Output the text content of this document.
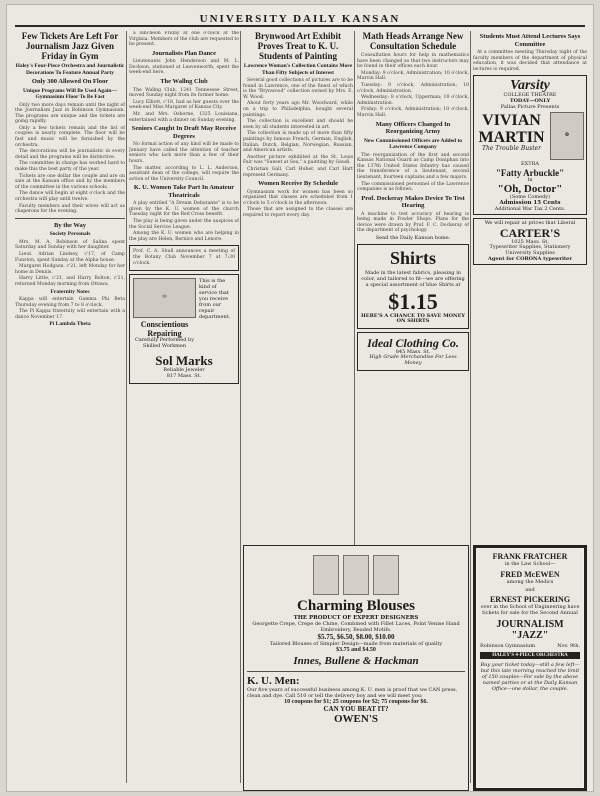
UNIVERSITY DAILY KANSAN
Few Tickets Are Left For Journalism Jazz Given Friday in Gym
Haley's Four-Piece Orchestra and Journalistic Decorations To Feature Annual Party
Only 300 Allowed On Floor
Unique Programs Will Be Used Again—Gymnasium Floor To Be Fast

Only two more days remain until the night of the Journalism Jazz in Robinson Gymnasium. The programs are unique and the tickets are going rapidly.

Only a few tickets remain and the list of couples is nearly complete. The floor will be fast and music will be furnished by the orchestra.

The decorations will be journalistic in every detail and the programs will be distinctive.

The committee in charge has worked hard to make this the best party of the year.

Tickets are one dollar the couple and are on sale at the Kansan office and by the members of the committee in the various schools.

The dance will begin at eight o'clock and the orchestra will play until twelve.

Faculty members and their wives will act as chaperons for the evening.

By the Way
Society Personals

Mrs. M. A. Robinson of Salina spent Saturday and Sunday with her daughter.

Lieut. Adrian Lindsey, c'17, of Camp Funston, spent Sunday at the Alpha house.

Margaret Hodgson, c'21, left Monday for her home in Dennis.

Harry Little, c'21, and Harry Bolton, c'21, returned Monday morning from Ottawa.

Fraternity Notes

Kappa will entertain Gamma Phi Beta Thursday evening from 7 to 8 o'clock.

The Pi Kappa fraternity will entertain with a dance November 17.

Pi Lambda Theta

a luncheon Friday at one o'clock at the Virginia. Members of the club are requested to be present.

Journalists Plan Dance

Lieutenants John Henderson and M. L. Dockson, stationed at Leavenworth, spent the week-end here.

The Wallng Club

The Wallng Club, 1241 Tennessee Street, moved Sunday night from its former home.

Lucy Elliott, c'18, had as her guests over the week-end Miss Margaret of Kansas City.

Mr. and Mrs. Osborne, 1325 Louisiana, entertained with a dinner on Sunday evening.

Seniors Caught In Draft May Receive Degrees

No formal action of any kind will be made to January have called the attention of teacher seniors who lack more than a few of their hours.

The matter, according to L. L. Anderson, assistant dean of the college, will require the action of the University Council.

K. U. Women Take Part In Amateur Theatricals

A play entitled "A Dream Debutante" is to be given by the K. U. women of the church Tuesday night for the Red Cross benefit.

The play is being given under the auspices of the Social Service League.

Among the K. U. women who are helping in the play are Helen, Bernice and Lenore.

Prof. C. A. Shull announces a meeting of the Botany Club November 7 at 7:30 o'clock.

✉
Conscientious Repairing
Carefully Performed by Skilled Workmen
This is the kind of service that you receive from our repair department.
Sol Marks
Reliable Jeweler
817 Mass. St.
Brynwood Art Exhibit Proves Treat to K. U. Students of Painting
Lawrence Woman's Collection Contains More Than Fifty Subjects of Interest

Several good collections of pictures are to be found in Lawrence, one of the finest of which is the "Brynwood" collection owned by Mrs. E. W. Wood.

About forty years ago Mr. Woodward, while on a trip to Philadelphia, bought several paintings.

The collection is excellent and should be seen by all students interested in art.

The collection is made up of more than fifty paintings by famous French, German, English, Italian, Dutch, Belgian, Norwegian, Russian, and American artists.

Another picture exhibited at the St. Louis Fair was "Sunset at Sea," a painting by Gaudi.

Christian Gall, Carl Huber, and Carl Hart represent Germany.

Women Receive By Schedule

Gymnasium work for women has been so organized that classes are scheduled from 1 o'clock to 5 o'clock in the afternoon.

Those that are assigned to the classes are required to report every day.

Math Heads Arrange New Consultation Schedule

Consultation hours for help in mathematics have been changed so that two instructors may be found in their offices each hour.

Monday: 9 o'clock, Administration; 10 o'clock, Marvin Hall.

Tuesday: 9 o'clock, Administration; 10 o'clock, Administration.

Wednesday: 8 o'clock, Upperman; 10 o'clock, Administration.

Friday: 9 o'clock, Administration; 10 o'clock, Marvin Hall.

Many Officers Changed In Reorganizing Army
New Commissioned Officers are Added to Lawrence Company

The reorganization of the first and second Kansas National Guard as Camp Doniphan into the 137th United States Infantry has caused the transference of a lieutenant, second lieutenant, fourteen captains and a few majors.

The commissioned personnel of the Lawrence companies is as follows.

Prof. Dockeray Makes Device To Test Hearing

A machine to test accuracy of hearing is being made in Fowler Shops. Plans for the device were drawn by Prof. F. C. Dockeray of the department of psychology.

Send the Daily Kansan home.
Shirts
Made in the latest fabrics, pleasing in color, and tailored to fit—we are offering a special assortment of blue Shirts at
$1.15
HERE'S A CHANCE TO SAVE MONEY ON SHIRTS
Ideal Clothing Co.
845 Mass. St.
High Grade Merchandise For Less Money
Students Must Attend Lectures Says Committee

At a committee meeting Thursday night of the faculty members of the department of physical education, it was decided that attendance at lectures is required.

Varsity
COLLEGE THEATRE
TODAY—ONLY
Pallas Picture Presents
VIVIAN
MARTIN
The Trouble Buster
☻
EXTRA
"Fatty Arbuckle"
In
"Oh, Doctor"
(Some Comedy)
Admission 15 Cents
Additional War Tax 2 Cents.
We will repair at prices that Liberal
CARTER'S
1025 Mass. St.
Typewriter Supplies, Stationery
University Supplies
Agent for CORONA typewriter
Charming Blouses
THE PRODUCT OF EXPERT DESIGNERS
Georgette Crepe, Crepe de Chine, Combined with Fillet Laces, Point Venise Hand Embroidery, Beaded Motifs.
$5.75, $6.50, $8.00, $10.00
Tailored Blouses of Simpler Design—made from materials of quality
$3.75 and $4.50
Innes, Bullene & Hackman
K. U. Men:
Our five years of successful business among K. U. men is proof that we CAN press, clean and dye. Call 510 or tell the delivery boy and we will meet you:
10 coupons for $1; 25 coupons for $2; 75 coupons for $6.
CAN YOU BEAT IT?
OWEN'S
FRANK FRATCHER
in the Law School—
FRED McEWEN
among the Medics
and
ERNEST PICKERING
over in the School of Engineering have tickets for sale for the Second Annual
JOURNALISM
"JAZZ"
Robinson Gymnasium	Nov. 9th.
HALEY'S 4-PIECE ORCHESTRA
Buy your ticket today—still a few left—but this late morning reached the limit of 150 couples—For sale by the above named parties or at the Daily Kansan Office—one dollar, the couple.
